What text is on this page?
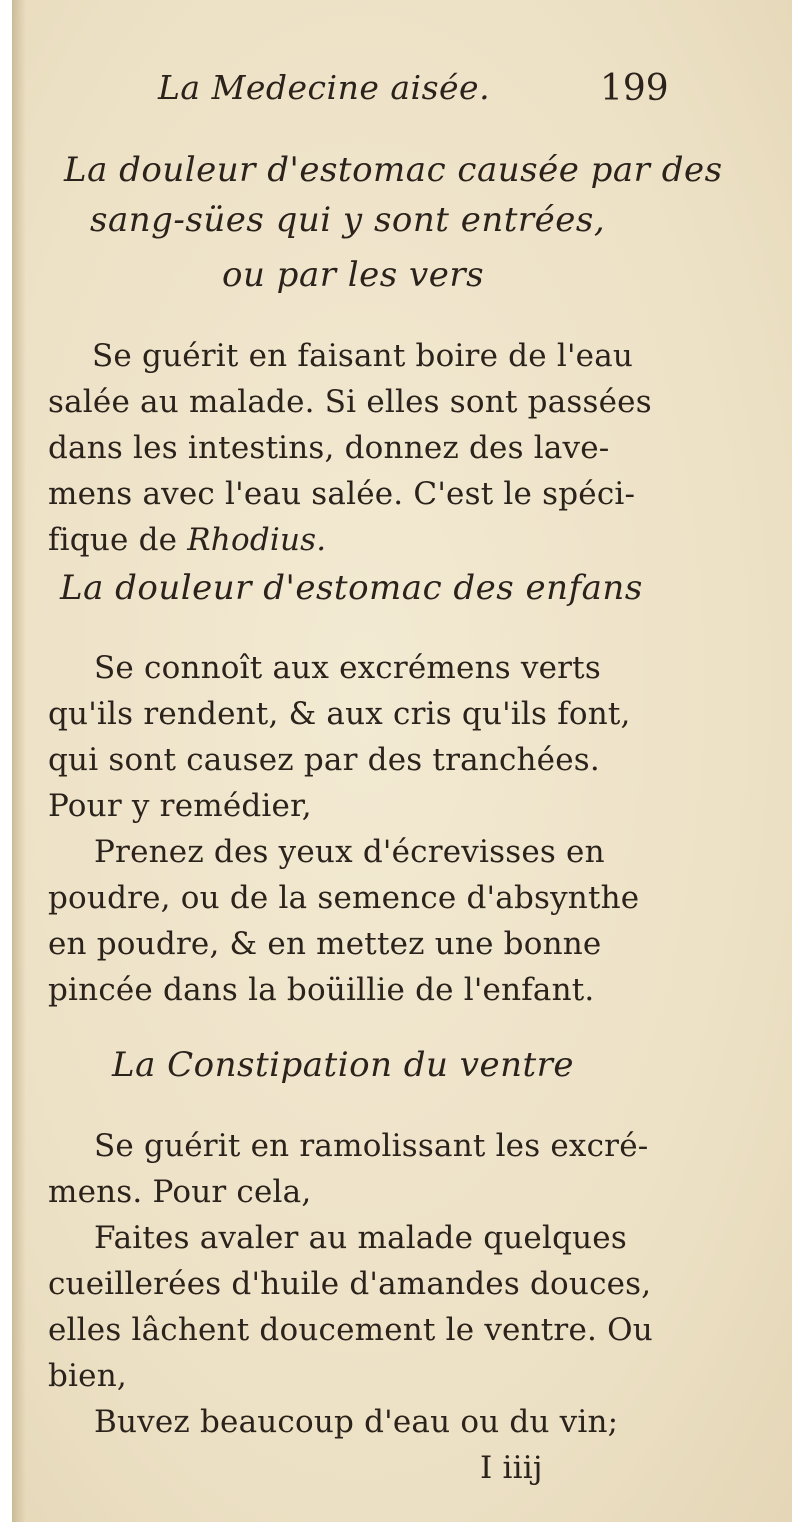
La Medecine aisée.	199
La douleur d'estomac causée par des
sang-sües qui y sont entrées,
ou par les vers
Se guérit en faisant boire de l'eau
salée au malade. Si elles sont passées
dans les intestins, donnez des lave-
mens avec l'eau salée. C'est le spéci-
fique de Rhodius.
La douleur d'estomac des enfans
Se connoît aux excrémens verts
qu'ils rendent, & aux cris qu'ils font,
qui sont causez par des tranchées.
Pour y remédier,
Prenez des yeux d'écrevisses en
poudre, ou de la semence d'absynthe
en poudre, & en mettez une bonne
pincée dans la boüillie de l'enfant.
La Constipation du ventre
Se guérit en ramolissant les excré-
mens. Pour cela,
Faites avaler au malade quelques
cueillerées d'huile d'amandes douces,
elles lâchent doucement le ventre. Ou
bien,
Buvez beaucoup d'eau ou du vin;
I iiij
